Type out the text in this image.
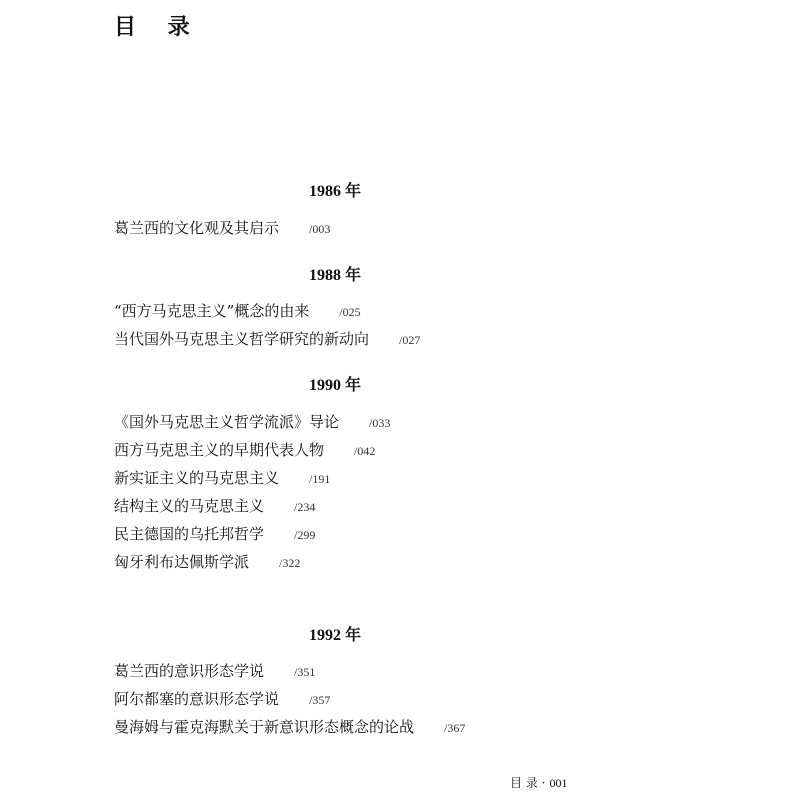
目 录
1986 年
葛兰西的文化观及其启示	/003
1988 年
“西方马克思主义”概念的由来	/025
当代国外马克思主义哲学研究的新动向	/027
1990 年
《国外马克思主义哲学流派》导论	/033
西方马克思主义的早期代表人物	/042
新实证主义的马克思主义	/191
结构主义的马克思主义	/234
民主德国的乌托邦哲学	/299
匈牙利布达佩斯学派	/322
1992 年
葛兰西的意识形态学说	/351
阿尔都塞的意识形态学说	/357
曼海姆与霍克海默关于新意识形态概念的论战	/367
目 录 · 001
